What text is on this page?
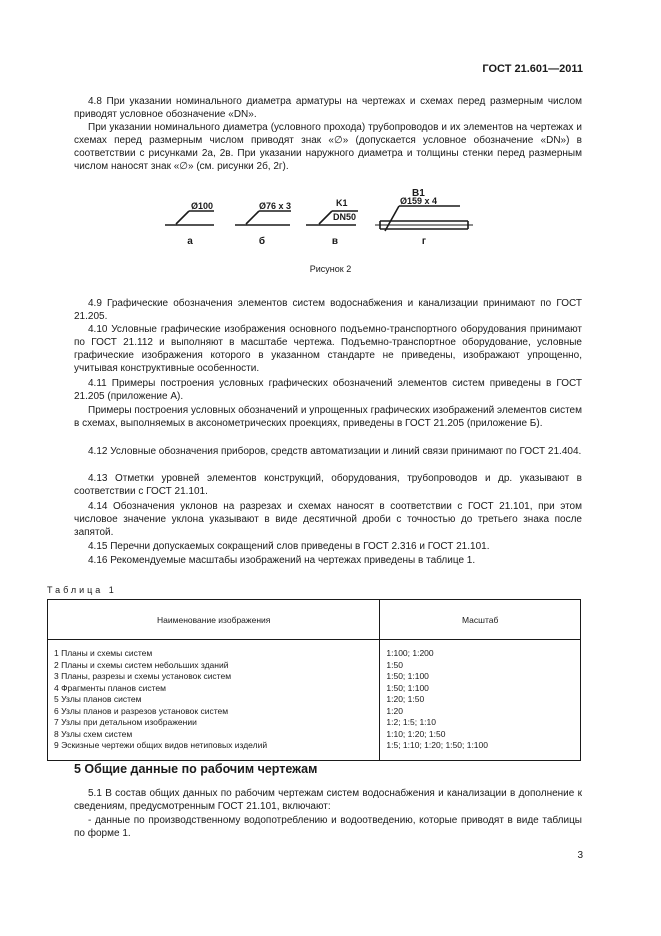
ГОСТ 21.601—2011
4.8 При указании номинального диаметра арматуры на чертежах и схемах перед размерным числом приводят условное обозначение «DN».
При указании номинального диаметра (условного прохода) трубопроводов и их элементов на чертежах и схемах перед размерным числом приводят знак «∅» (допускается условное обозначение «DN») в соответствии с рисунками 2а, 2в. При указании наружного диаметра и толщины стенки перед размерным числом наносят знак «∅» (см. рисунки 2б, 2г).
Ø100	Ø76 x 3	K1
DN50
B1
Ø159 x 4
а	б	в	г
Рисунок 2
4.9 Графические обозначения элементов систем водоснабжения и канализации принимают по ГОСТ 21.205.
4.10 Условные графические изображения основного подъемно-транспортного оборудования принимают по ГОСТ 21.112 и выполняют в масштабе чертежа. Подъемно-транспортное оборудование, условные графические изображения которого в указанном стандарте не приведены, изображают упрощенно, учитывая конструктивные особенности.
4.11 Примеры построения условных графических обозначений элементов систем приведены в ГОСТ 21.205 (приложение А).
Примеры построения условных обозначений и упрощенных графических изображений элементов систем в схемах, выполняемых в аксонометрических проекциях, приведены в ГОСТ 21.205 (приложение Б).
4.12 Условные обозначения приборов, средств автоматизации и линий связи принимают по ГОСТ 21.404.
4.13 Отметки уровней элементов конструкций, оборудования, трубопроводов и др. указывают в соответствии с ГОСТ 21.101.
4.14 Обозначения уклонов на разрезах и схемах наносят в соответствии с ГОСТ 21.101, при этом числовое значение уклона указывают в виде десятичной дроби с точностью до третьего знака после запятой.
4.15 Перечни допускаемых сокращений слов приведены в ГОСТ 2.316 и ГОСТ 21.101.
4.16 Рекомендуемые масштабы изображений на чертежах приведены в таблице 1.
Таблица 1
Наименование изображения	Масштаб
1 Планы и схемы систем	1:100; 1:200
2 Планы и схемы систем небольших зданий	1:50
3 Планы, разрезы и схемы установок систем	1:50; 1:100
4 Фрагменты планов систем	1:50; 1:100
5 Узлы планов систем	1:20; 1:50
6 Узлы планов и разрезов установок систем	1:20
7 Узлы при детальном изображении	1:2; 1:5; 1:10
8 Узлы схем систем	1:10; 1:20; 1:50
9 Эскизные чертежи общих видов нетиповых изделий	1:5; 1:10; 1:20; 1:50; 1:100
5 Общие данные по рабочим чертежам
5.1 В состав общих данных по рабочим чертежам систем водоснабжения и канализации в дополнение к сведениям, предусмотренным ГОСТ 21.101, включают:
- данные по производственному водопотреблению и водоотведению, которые приводят в виде таблицы по форме 1.
3
